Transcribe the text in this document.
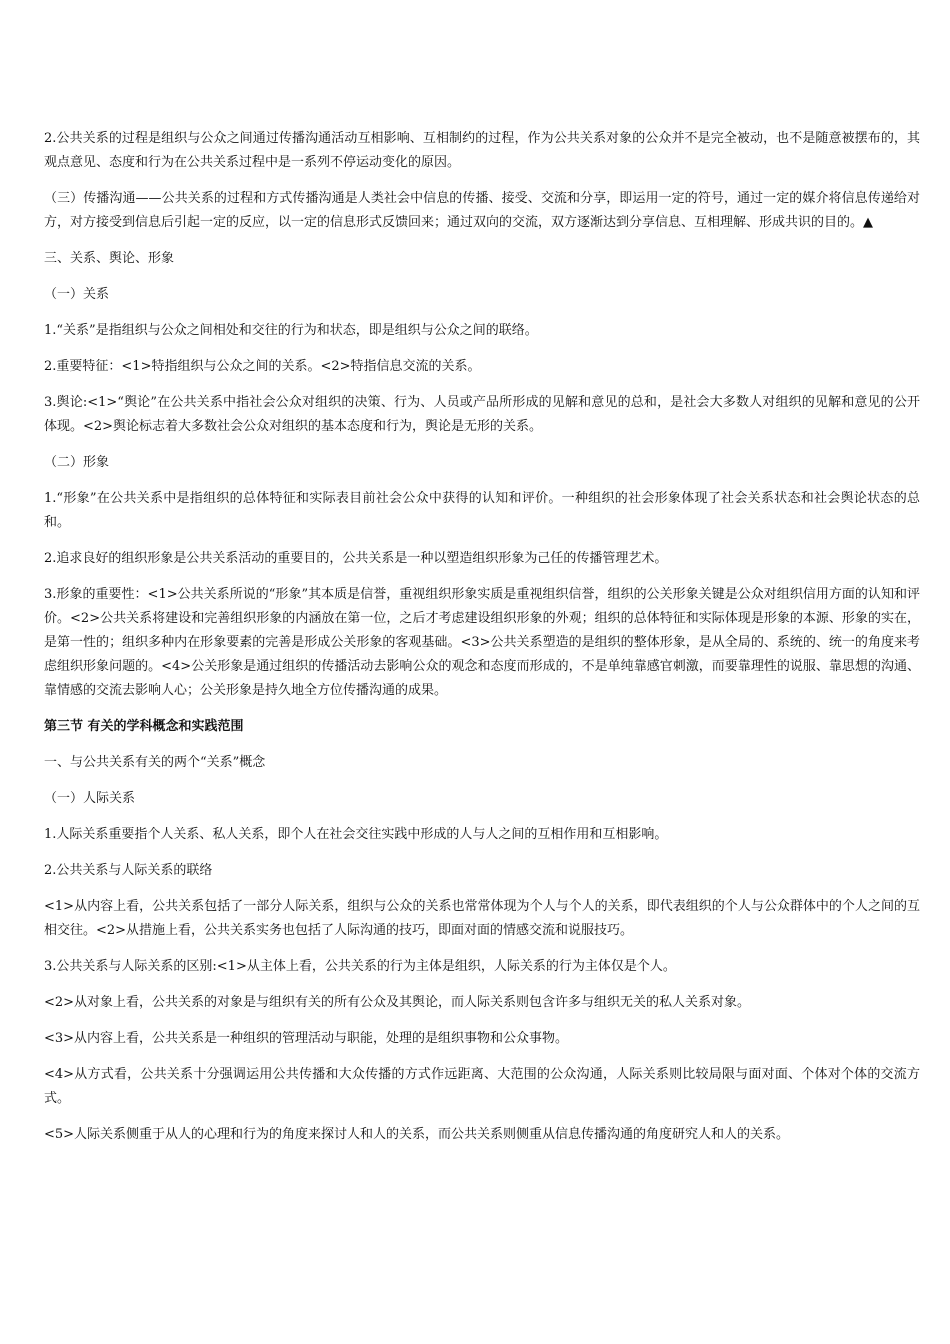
2.公共关系的过程是组织与公众之间通过传播沟通活动互相影响、互相制约的过程，作为公共关系对象的公众并不是完全被动，也不是随意被摆布的，其观点意见、态度和行为在公共关系过程中是一系列不停运动变化的原因。

（三）传播沟通——公共关系的过程和方式传播沟通是人类社会中信息的传播、接受、交流和分享，即运用一定的符号，通过一定的媒介将信息传递给对方，对方接受到信息后引起一定的反应，以一定的信息形式反馈回来；通过双向的交流，双方逐渐达到分享信息、互相理解、形成共识的目的。▲

三、关系、舆论、形象

（一）关系

1.“关系”是指组织与公众之间相处和交往的行为和状态，即是组织与公众之间的联络。

2.重要特征：<1>特指组织与公众之间的关系。<2>特指信息交流的关系。

3.舆论:<1>“舆论”在公共关系中指社会公众对组织的决策、行为、人员或产品所形成的见解和意见的总和，是社会大多数人对组织的见解和意见的公开体现。<2>舆论标志着大多数社会公众对组织的基本态度和行为，舆论是无形的关系。

（二）形象

1.“形象”在公共关系中是指组织的总体特征和实际表目前社会公众中获得的认知和评价。一种组织的社会形象体现了社会关系状态和社会舆论状态的总和。

2.追求良好的组织形象是公共关系活动的重要目的，公共关系是一种以塑造组织形象为己任的传播管理艺术。

3.形象的重要性：<1>公共关系所说的“形象”其本质是信誉，重视组织形象实质是重视组织信誉，组织的公关形象关键是公众对组织信用方面的认知和评价。<2>公共关系将建设和完善组织形象的内涵放在第一位，之后才考虑建设组织形象的外观；组织的总体特征和实际体现是形象的本源、形象的实在，是第一性的；组织多种内在形象要素的完善是形成公关形象的客观基础。<3>公共关系塑造的是组织的整体形象，是从全局的、系统的、统一的角度来考虑组织形象问题的。<4>公关形象是通过组织的传播活动去影响公众的观念和态度而形成的，不是单纯靠感官刺激，而要靠理性的说服、靠思想的沟通、靠情感的交流去影响人心；公关形象是持久地全方位传播沟通的成果。

第三节 有关的学科概念和实践范围

一、与公共关系有关的两个“关系”概念

（一）人际关系

1.人际关系重要指个人关系、私人关系，即个人在社会交往实践中形成的人与人之间的互相作用和互相影响。

2.公共关系与人际关系的联络

<1>从内容上看，公共关系包括了一部分人际关系，组织与公众的关系也常常体现为个人与个人的关系，即代表组织的个人与公众群体中的个人之间的互相交往。<2>从措施上看，公共关系实务也包括了人际沟通的技巧，即面对面的情感交流和说服技巧。

3.公共关系与人际关系的区别:<1>从主体上看，公共关系的行为主体是组织，人际关系的行为主体仅是个人。

<2>从对象上看，公共关系的对象是与组织有关的所有公众及其舆论，而人际关系则包含许多与组织无关的私人关系对象。

<3>从内容上看，公共关系是一种组织的管理活动与职能，处理的是组织事物和公众事物。

<4>从方式看，公共关系十分强调运用公共传播和大众传播的方式作远距离、大范围的公众沟通，人际关系则比较局限与面对面、个体对个体的交流方式。

<5>人际关系侧重于从人的心理和行为的角度来探讨人和人的关系，而公共关系则侧重从信息传播沟通的角度研究人和人的关系。
